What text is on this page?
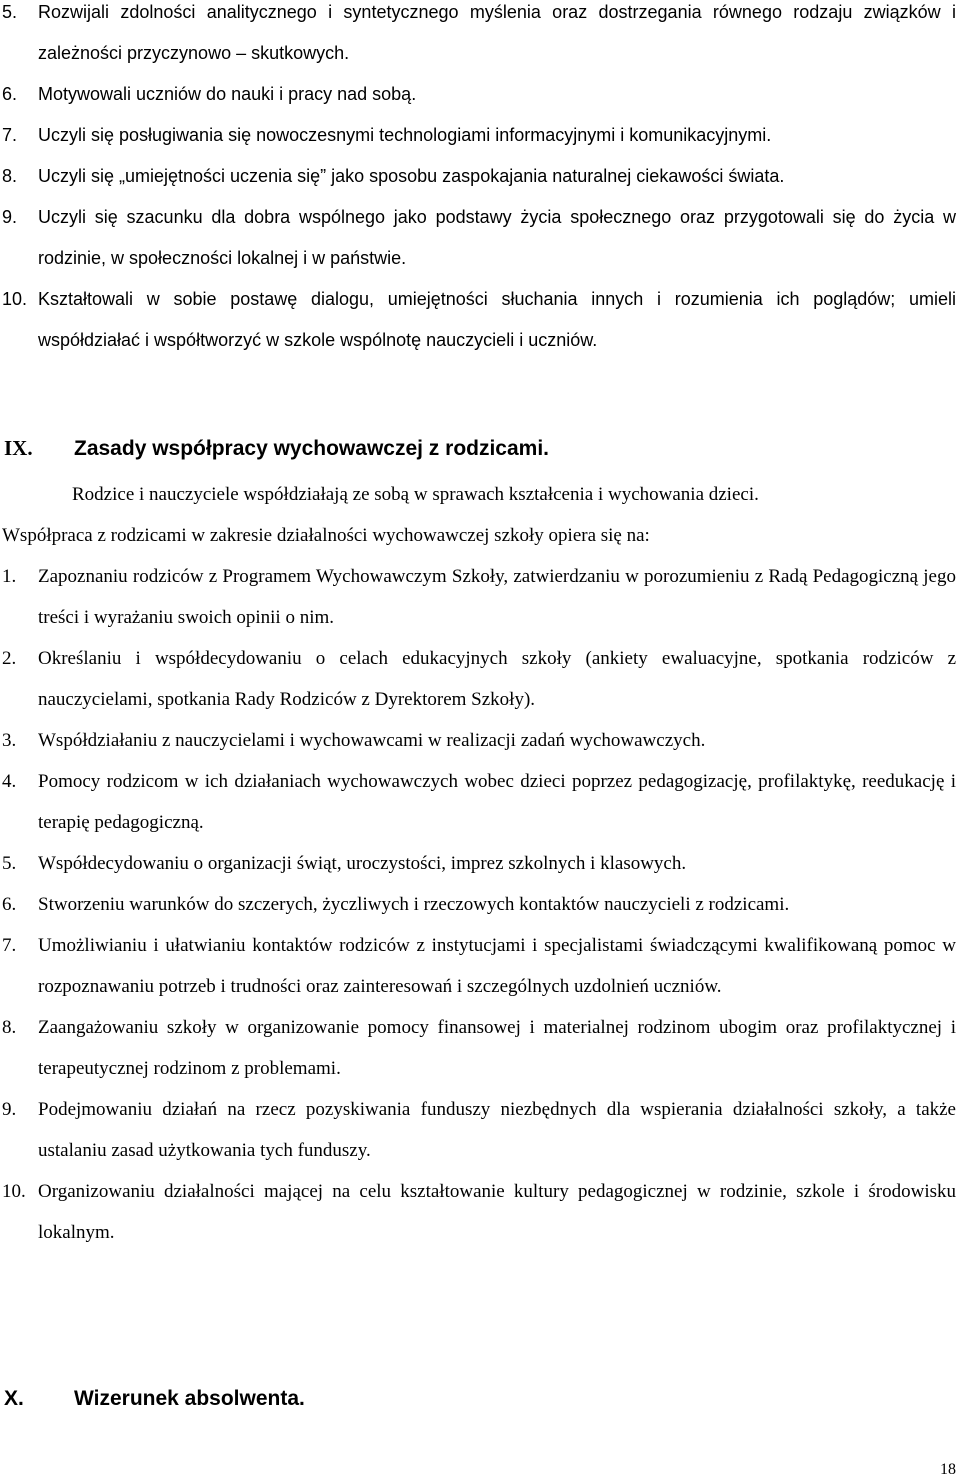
5. Rozwijali zdolności analitycznego i syntetycznego myślenia oraz dostrzegania równego rodzaju związków i zależności przyczynowo – skutkowych.
6. Motywowali uczniów do nauki i pracy nad sobą.
7. Uczyli się posługiwania się nowoczesnymi technologiami informacyjnymi i komunikacyjnymi.
8. Uczyli się „umiejętności uczenia się” jako sposobu zaspokajania naturalnej ciekawości świata.
9. Uczyli się szacunku dla dobra wspólnego jako podstawy życia społecznego oraz przygotowali się do życia w rodzinie, w społeczności lokalnej i w państwie.
10. Kształtowali w sobie postawę dialogu, umiejętności słuchania innych i rozumienia ich poglądów; umieli współdziałać i współtworzyć w szkole wspólnotę nauczycieli i uczniów.
IX. Zasady współpracy wychowawczej z rodzicami.
Rodzice i nauczyciele współdziałają ze sobą w sprawach kształcenia i wychowania dzieci.
Współpraca z rodzicami w zakresie działalności wychowawczej szkoły opiera się na:
1. Zapoznaniu rodziców z Programem Wychowawczym Szkoły, zatwierdzaniu w porozumieniu z Radą Pedagogiczną jego treści i wyrażaniu swoich opinii o nim.
2. Określaniu i współdecydowaniu o celach edukacyjnych szkoły (ankiety ewaluacyjne, spotkania rodziców z nauczycielami, spotkania Rady Rodziców z Dyrektorem Szkoły).
3. Współdziałaniu z nauczycielami i wychowawcami w realizacji zadań wychowawczych.
4. Pomocy rodzicom w ich działaniach wychowawczych wobec dzieci poprzez pedagogizację, profilaktykę, reedukację i terapię pedagogiczną.
5. Współdecydowaniu o organizacji świąt, uroczystości, imprez szkolnych i klasowych.
6. Stworzeniu warunków do szczerych, życzliwych i rzeczowych kontaktów nauczycieli z rodzicami.
7. Umożliwianiu i ułatwianiu kontaktów rodziców z instytucjami i specjalistami świadczącymi kwalifikowaną pomoc w rozpoznawaniu potrzeb i trudności oraz zainteresowań i szczególnych uzdolnień uczniów.
8. Zaangażowaniu szkoły w organizowanie pomocy finansowej i materialnej rodzinom ubogim oraz profilaktycznej i terapeutycznej rodzinom z problemami.
9. Podejmowaniu działań na rzecz pozyskiwania funduszy niezbędnych dla wspierania działalności szkoły, a także ustalaniu zasad użytkowania tych funduszy.
10. Organizowaniu działalności mającej na celu kształtowanie kultury pedagogicznej w rodzinie, szkole i środowisku lokalnym.
X. Wizerunek absolwenta.
18
